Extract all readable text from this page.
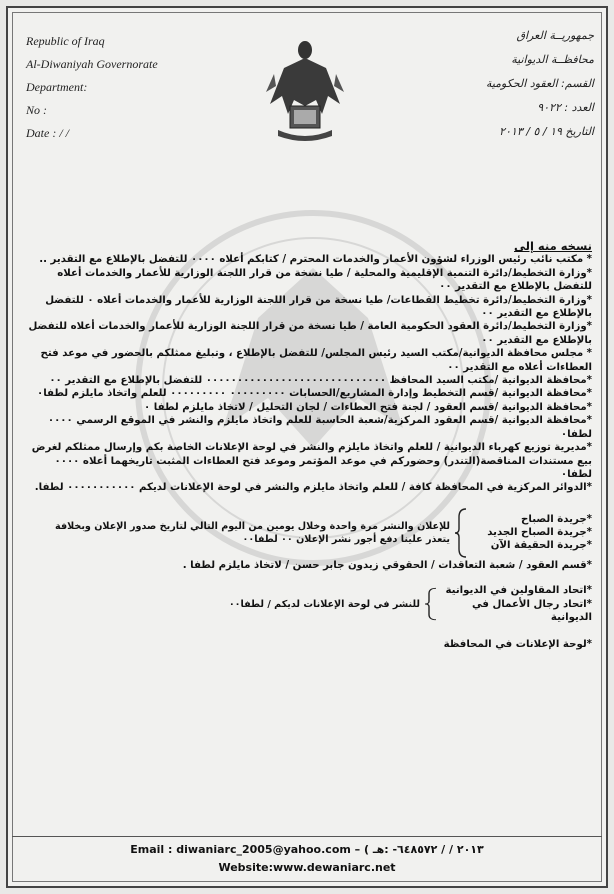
Republic of Iraq
Al-Diwaniyah Governorate
Department:
No :
Date : / /
جمهوريــة العراق
محافظــة الديوانية
القسم: العقود الحكومية
العدد : ٩٠٢٢
التاريخ ١٩ / ٥ / ٢٠١٣

نسخه منه إلى

* مكتب نائب رئيس الوزراء لشؤون الأعمار والخدمات المحترم / كتابكم أعلاه ٠٠٠٠ للتفضل بالإطلاع مع التقدير ..

*وزارة التخطيط/دائرة التنمية الإقليمية والمحلية / طيا نسخة من قرار اللجنة الوزارية للأعمار والخدمات أعلاه للتفضل بالإطلاع مع التقدير ٠٠

*وزارة التخطيط/دائرة تخطيط القطاعات/ طيا نسخة من قرار اللجنة الوزارية للأعمار والخدمات أعلاه ٠ للتفضل بالإطلاع مع التقدير ٠٠

*وزارة التخطيط/دائرة العقود الحكومية العامة / طيا نسخة من قرار اللجنة الوزارية للأعمار والخدمات أعلاه للتفضل بالإطلاع مع التقدير ٠٠

* مجلس محافظة الديوانية/مكتب السيد رئيس المجلس/ للتفضل بالإطلاع ، وتبليغ ممثلكم بالحضور في موعد فتح العطاءات أعلاه مع التقدير ٠٠

*محافظة الديوانية /مكتب السيد المحافظ ٠٠٠٠٠٠٠٠٠٠٠٠٠٠٠٠٠٠٠٠٠٠٠٠٠٠٠٠٠ للتفضل بالإطلاع مع التقدير ٠٠

*محافظة الديوانية /قسم التخطيط وإدارة المشاريع/الحسابات ٠٠٠٠٠٠٠٠٠ ٠٠٠٠٠٠٠٠٠ للعلم واتخاذ مايلزم لطفا٠

*محافظة الديوانية /قسم العقود / لجنة فتح العطاءات / لجان التحليل / لاتخاذ مايلزم لطفا ٠

*محافظة الديوانية /قسم العقود المركزية/شعبة الحاسبة للعلم واتخاذ مايلزم والنشر في الموقع الرسمي ٠٠٠٠ لطفا٠

*مديرية توزيع كهرباء الديوانية / للعلم واتخاذ مايلزم والنشر في لوحة الإعلانات الخاصة بكم وإرسال ممثلكم لغرض بيع مستندات المناقصة(التندر) وحضوركم في موعد المؤتمر وموعد فتح العطاءات المثبت تاريخهما أعلاه ٠٠٠٠ لطفا٠

*الدوائر المركزية في المحافظة كافة / للعلم واتخاذ مايلزم والنشر في لوحة الإعلانات لديكم ٠٠٠٠٠٠٠٠٠٠٠ لطفا.

*جريدة الصباح

*جريدة الصباح الجديد

*جريدة الحقيقة الآن

للإعلان والنشر مرة واحدة وخلال يومين من اليوم التالي لتاريخ صدور الإعلان وبخلافة

يتعذر علينا دفع أجور نشر الإعلان ٠٠ لطفا٠٠

*قسم العقود / شعبة التعاقدات / الحقوقي زيدون جابر حسن / لاتخاذ مايلزم لطفا .

*اتحاد المقاولين في الديوانية

*اتحاد رجال الأعمال في الديوانية

للنشر في لوحة الإعلانات لديكم / لطفا٠٠

*لوحة الإعلانات في المحافظة

Email : diwaniarc_2005@yahoo.com – ( ٢٠١٣ / / ٦٤٨٥٧٢- :هـ
Website:www.dewaniarc.net
